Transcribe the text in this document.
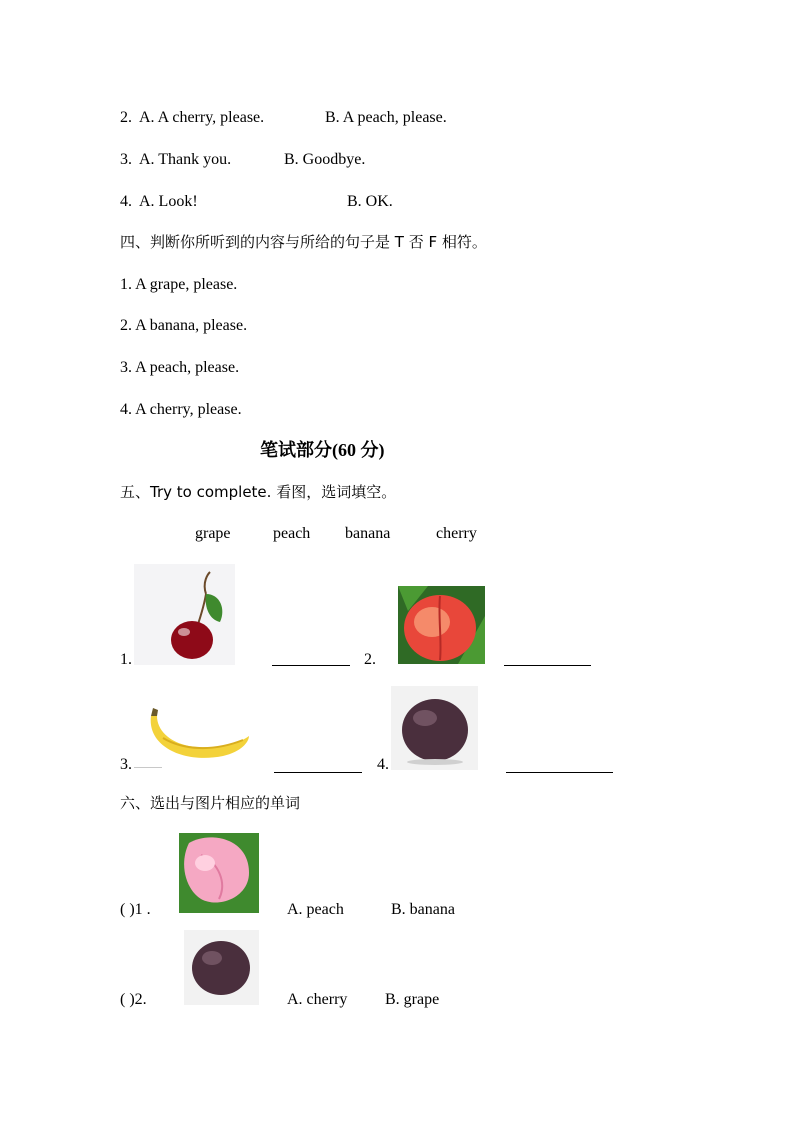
2. A. A cherry, please.	B. A peach, please.
3. A. Thank you.	B. Goodbye.
4. A. Look!	B. OK.
四、判断你所听到的内容与所给的句子是 T 否 F 相符。
1. A grape, please.
2. A banana, please.
3. A peach, please.
4. A cherry, please.
笔试部分(60 分)
五、Try to complete. 看图，选词填空。
grape	peach banana	cherry
1.	2.
3.	4.
六、选出与图片相应的单词
( )1 .	A. peach	B. banana
( )2.	A. cherry B. grape
